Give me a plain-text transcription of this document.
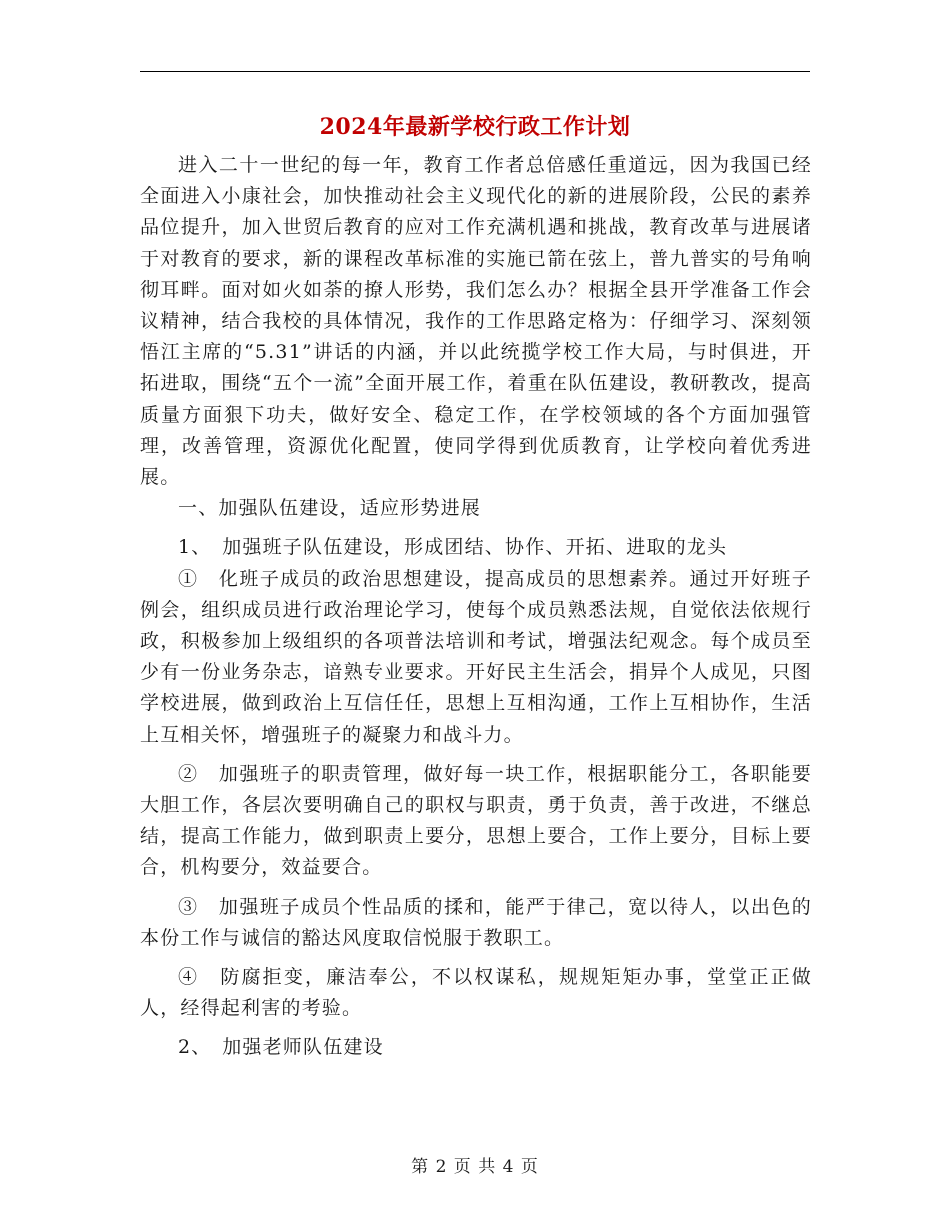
2024年最新学校行政工作计划

进入二十一世纪的每一年，教育工作者总倍感任重道远，因为我国已经全面进入小康社会，加快推动社会主义现代化的新的进展阶段，公民的素养品位提升，加入世贸后教育的应对工作充满机遇和挑战，教育改革与进展诸于对教育的要求，新的课程改革标准的实施已箭在弦上，普九普实的号角响彻耳畔。面对如火如荼的撩人形势，我们怎么办？根据全县开学准备工作会议精神，结合我校的具体情况，我作的工作思路定格为：仔细学习、深刻领悟江主席的“5.31”讲话的内涵，并以此统揽学校工作大局，与时俱进，开拓进取，围绕“五个一流”全面开展工作，着重在队伍建设，教研教改，提高质量方面狠下功夫，做好安全、稳定工作，在学校领域的各个方面加强管理，改善管理，资源优化配置，使同学得到优质教育，让学校向着优秀进展。

一、加强队伍建设，适应形势进展

1、　加强班子队伍建设，形成团结、协作、开拓、进取的龙头

①　化班子成员的政治思想建设，提高成员的思想素养。通过开好班子例会，组织成员进行政治理论学习，使每个成员熟悉法规，自觉依法依规行政，积极参加上级组织的各项普法培训和考试，增强法纪观念。每个成员至少有一份业务杂志，谙熟专业要求。开好民主生活会，捐异个人成见，只图学校进展，做到政治上互信任任，思想上互相沟通，工作上互相协作，生活上互相关怀，增强班子的凝聚力和战斗力。

②　加强班子的职责管理，做好每一块工作，根据职能分工，各职能要大胆工作，各层次要明确自己的职权与职责，勇于负责，善于改进，不继总结，提高工作能力，做到职责上要分，思想上要合，工作上要分，目标上要合，机构要分，效益要合。

③　加强班子成员个性品质的揉和，能严于律己，宽以待人，以出色的本份工作与诚信的豁达风度取信悦服于教职工。

④　防腐拒变，廉洁奉公，不以权谋私，规规矩矩办事，堂堂正正做人，经得起利害的考验。

2、　加强老师队伍建设

第 2 页 共 4 页
